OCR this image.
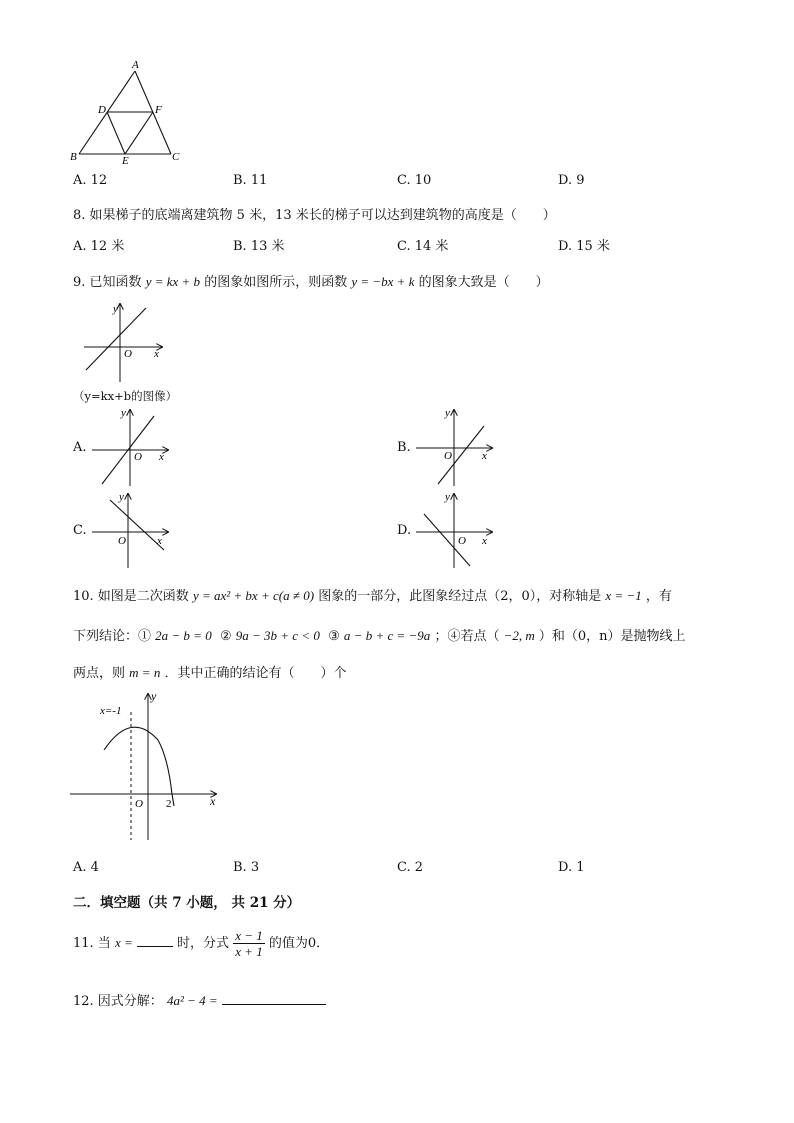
A
D	F
B	E	C
A. 12	B. 11	C. 10	D. 9
8. 如果梯子的底端离建筑物 5 米，13 米长的梯子可以达到建筑物的高度是（　　）
A. 12 米	B. 13 米	C. 14 米	D. 15 米
9. 已知函数 y = kx + b 的图象如图所示，则函数 y = −bx + k 的图象大致是（　　）
y
O x
（y=kx+b的图像）
A.
y
O x
B.
y
O	x
C.
y
O	x
D.
y
O x
10. 如图是二次函数 y = ax² + bx + c(a ≠ 0) 图象的一部分，此图象经过点（2，0），对称轴是 x = −1 ，有
下列结论：① 2a − b = 0 ② 9a − 3b + c < 0 ③ a − b + c = −9a ；④若点（ −2, m ）和（0，n）是抛物线上
两点，则 m = n ．其中正确的结论有（　　）个
x=-1
y
O 2	x
A. 4	B. 3	C. 2	D. 1
二．填空题（共 7 小题， 共 21 分）
11. 当 x =	时，分式 $\frac{x - 1}{x + 1}$ 的值为0．
12. 因式分解： 4a² − 4 =
